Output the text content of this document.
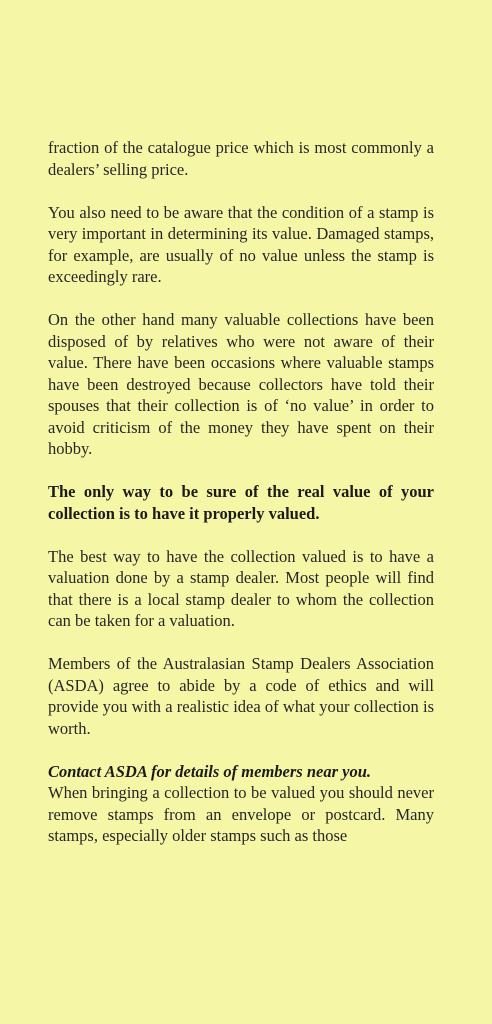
fraction of the catalogue price which is most commonly a dealers’ selling price.

You also need to be aware that the condition of a stamp is very important in determining its value. Damaged stamps, for example, are usually of no value unless the stamp is exceedingly rare.

On the other hand many valuable collections have been disposed of by relatives who were not aware of their value. There have been occasions where valuable stamps have been destroyed because collectors have told their spouses that their collection is of ‘no value’ in order to avoid criticism of the money they have spent on their hobby.

The only way to be sure of the real value of your collection is to have it properly valued.

The best way to have the collection valued is to have a valuation done by a stamp dealer. Most people will find that there is a local stamp dealer to whom the collection can be taken for a valuation.

Members of the Australasian Stamp Dealers Association (ASDA) agree to abide by a code of ethics and will provide you with a realistic idea of what your collection is worth.

Contact ASDA for details of members near you.

When bringing a collection to be valued you should never remove stamps from an envelope or postcard. Many stamps, especially older stamps such as those
